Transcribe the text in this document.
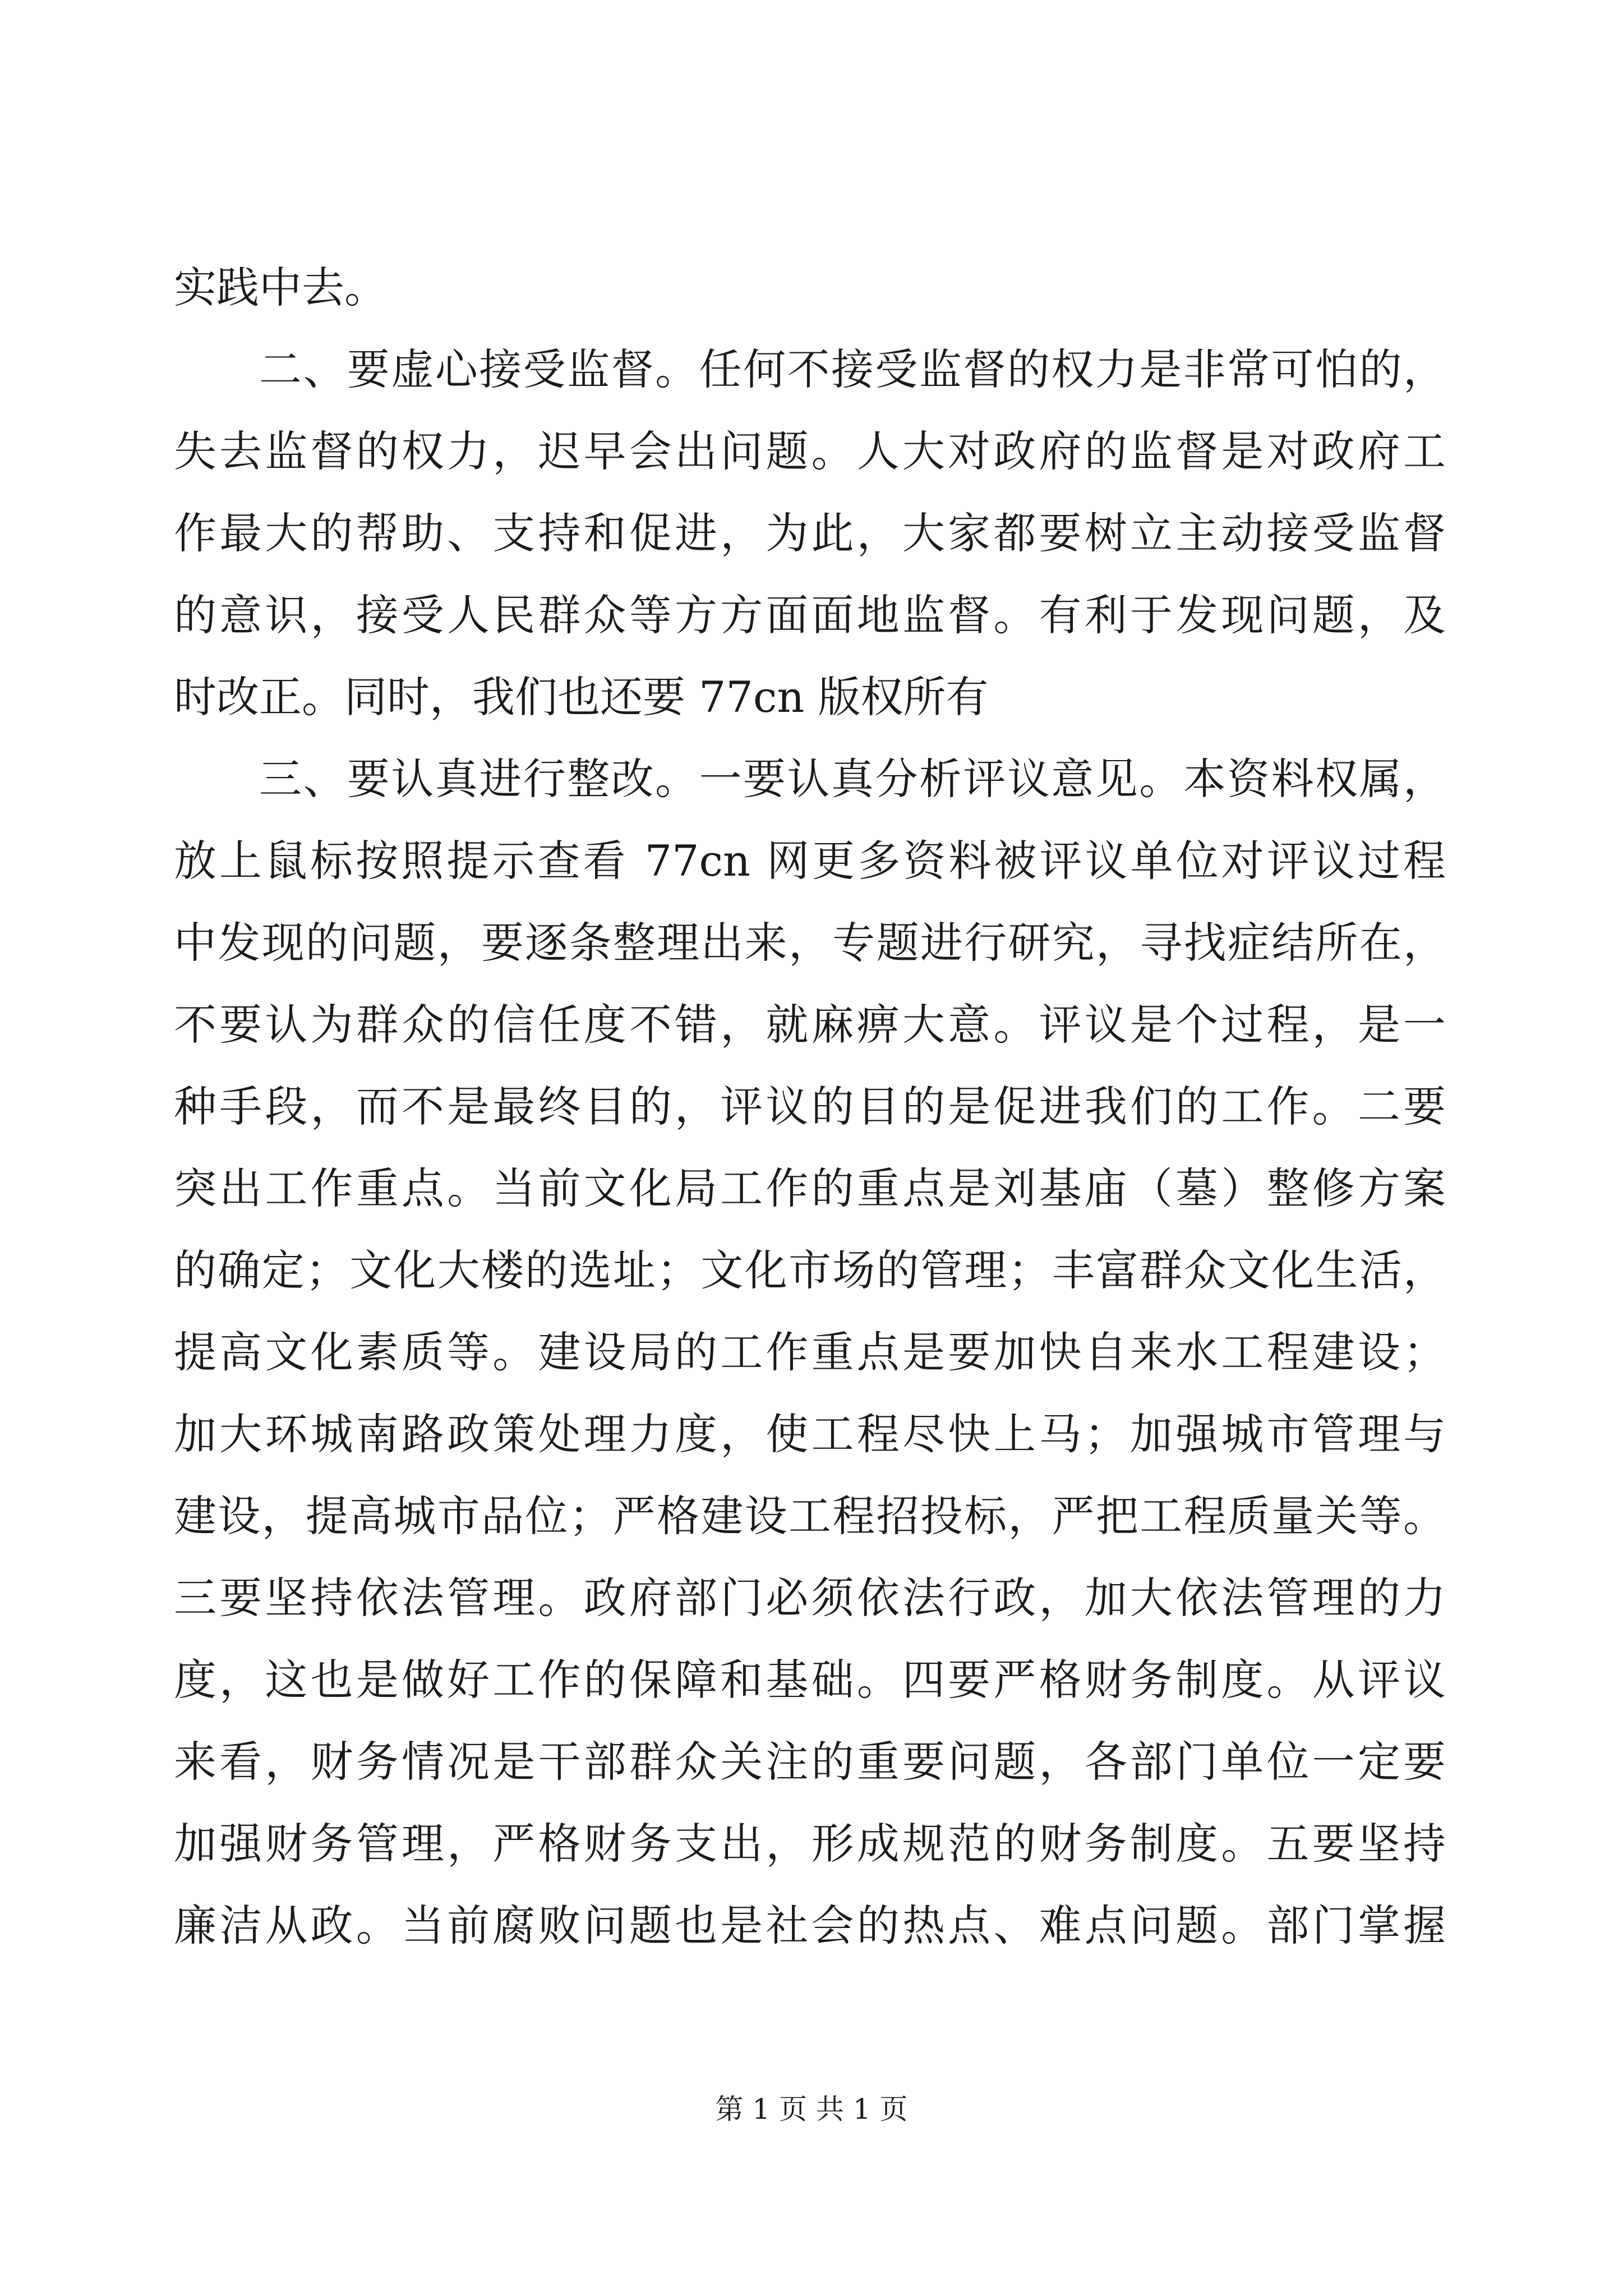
实践中去。
二、要虚心接受监督。任何不接受监督的权力是非常可怕的，
失去监督的权力，迟早会出问题。人大对政府的监督是对政府工
作最大的帮助、支持和促进，为此，大家都要树立主动接受监督
的意识，接受人民群众等方方面面地监督。有利于发现问题，及
时改正。同时，我们也还要 77cn 版权所有
三、要认真进行整改。一要认真分析评议意见。本资料权属，
放上鼠标按照提示查看 77cn 网更多资料被评议单位对评议过程
中发现的问题，要逐条整理出来，专题进行研究，寻找症结所在，
不要认为群众的信任度不错，就麻痹大意。评议是个过程，是一
种手段，而不是最终目的，评议的目的是促进我们的工作。二要
突出工作重点。当前文化局工作的重点是刘基庙（墓）整修方案
的确定；文化大楼的选址；文化市场的管理；丰富群众文化生活，
提高文化素质等。建设局的工作重点是要加快自来水工程建设；
加大环城南路政策处理力度，使工程尽快上马；加强城市管理与
建设，提高城市品位；严格建设工程招投标，严把工程质量关等。
三要坚持依法管理。政府部门必须依法行政，加大依法管理的力
度，这也是做好工作的保障和基础。四要严格财务制度。从评议
来看，财务情况是干部群众关注的重要问题，各部门单位一定要
加强财务管理，严格财务支出，形成规范的财务制度。五要坚持
廉洁从政。当前腐败问题也是社会的热点、难点问题。部门掌握
第 1 页 共 1 页
